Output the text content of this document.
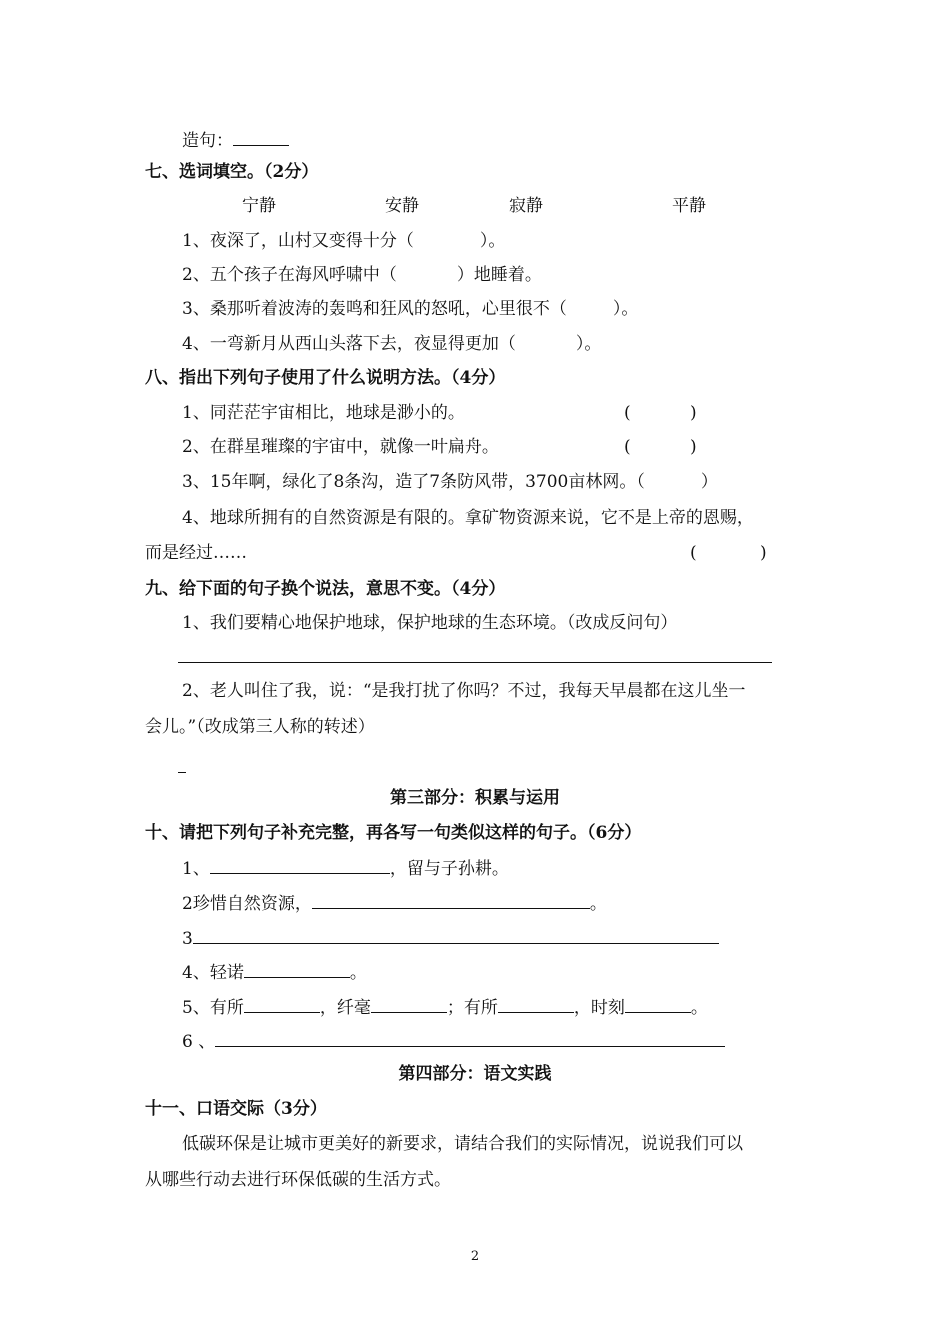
造句：
七、选词填空。（2分）
宁静	安静	寂静	平静
1、夜深了，山村又变得十分（	）。
2、五个孩子在海风呼啸中（	）地睡着。
3、桑那听着波涛的轰鸣和狂风的怒吼，心里很不（	）。
4、一弯新月从西山头落下去，夜显得更加（	）。
八、指出下列句子使用了什么说明方法。（4分）
1、同茫茫宇宙相比，地球是渺小的。	(	)
2、在群星璀璨的宇宙中，就像一叶扁舟。	(	)
3、15年啊，绿化了8条沟，造了7条防风带，3700亩林网。（	）
4、地球所拥有的自然资源是有限的。拿矿物资源来说，它不是上帝的恩赐，
而是经过……	(	)
九、给下面的句子换个说法，意思不变。（4分）
1、我们要精心地保护地球，保护地球的生态环境。（改成反问句）
2、老人叫住了我，说：“是我打扰了你吗？不过，我每天早晨都在这儿坐一
会儿。”（改成第三人称的转述）
第三部分：积累与运用
十、请把下列句子补充完整，再各写一句类似这样的句子。（6分）
1、	，留与子孙耕。
2珍惜自然资源，	。
3
4、轻诺	。
5、有所	，纤毫	；有所	，时刻	。
6 、
第四部分：语文实践
十一、口语交际（3分）
低碳环保是让城市更美好的新要求，请结合我们的实际情况，说说我们可以
从哪些行动去进行环保低碳的生活方式。
2
